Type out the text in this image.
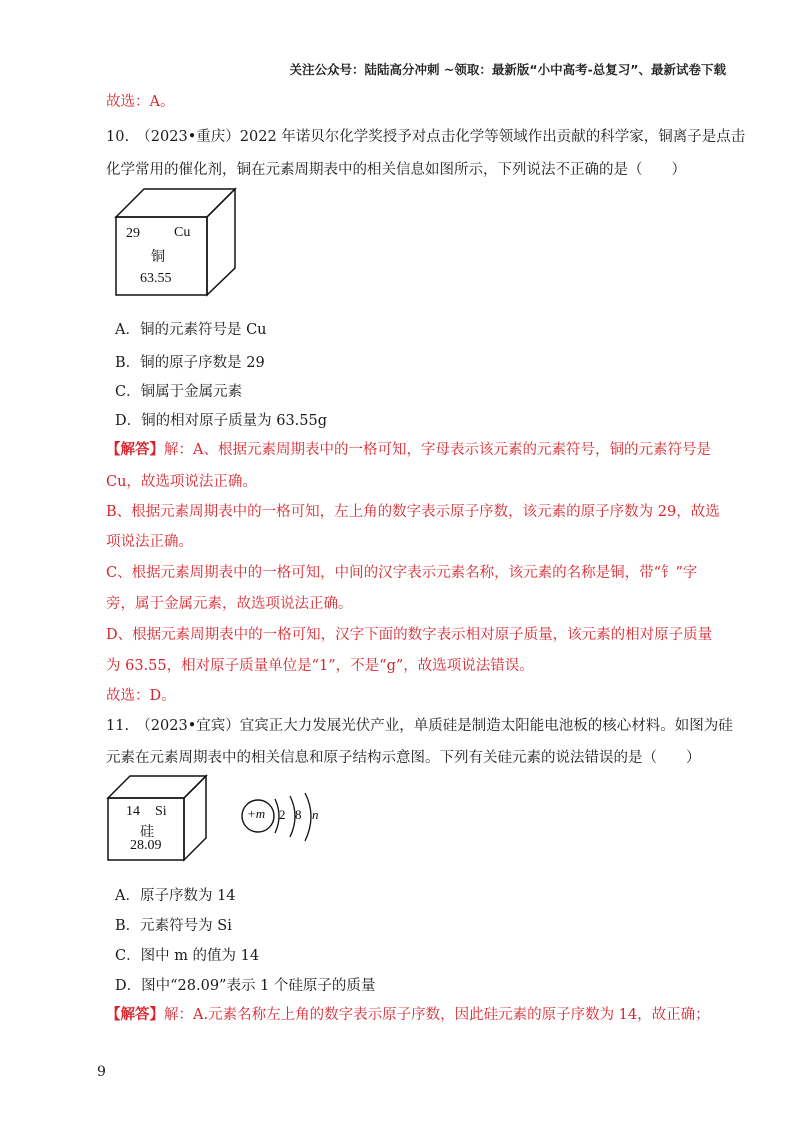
关注公众号：陆陆高分冲刺 ~领取：最新版“小中高考-总复习”、最新试卷下载
故选：A。
10.　（2023•重庆）2022 年诺贝尔化学奖授予对点击化学等领域作出贡献的科学家，铜离子是点击
化学常用的催化剂，铜在元素周期表中的相关信息如图所示，下列说法不正确的是（　　）
29 Cu
铜
63.55
A．铜的元素符号是 Cu
B．铜的原子序数是 29
C．铜属于金属元素
D．铜的相对原子质量为 63.55g
【解答】解：A、根据元素周期表中的一格可知，字母表示该元素的元素符号，铜的元素符号是
Cu，故选项说法正确。
B、根据元素周期表中的一格可知，左上角的数字表示原子序数，该元素的原子序数为 29，故选
项说法正确。
C、根据元素周期表中的一格可知，中间的汉字表示元素名称，该元素的名称是铜，带“钅”字
旁，属于金属元素，故选项说法正确。
D、根据元素周期表中的一格可知，汉字下面的数字表示相对原子质量，该元素的相对原子质量
为 63.55，相对原子质量单位是“1”，不是“g”，故选项说法错误。
故选：D。
11.　（2023•宜宾）宜宾正大力发展光伏产业，单质硅是制造太阳能电池板的核心材料。如图为硅
元素在元素周期表中的相关信息和原子结构示意图。下列有关硅元素的说法错误的是（　　）
14 Si
硅
28.09
+m 2 8 n
A．原子序数为 14
B．元素符号为 Si
C．图中 m 的值为 14
D．图中“28.09”表示 1 个硅原子的质量
【解答】解：A.元素名称左上角的数字表示原子序数，因此硅元素的原子序数为 14，故正确；
9
